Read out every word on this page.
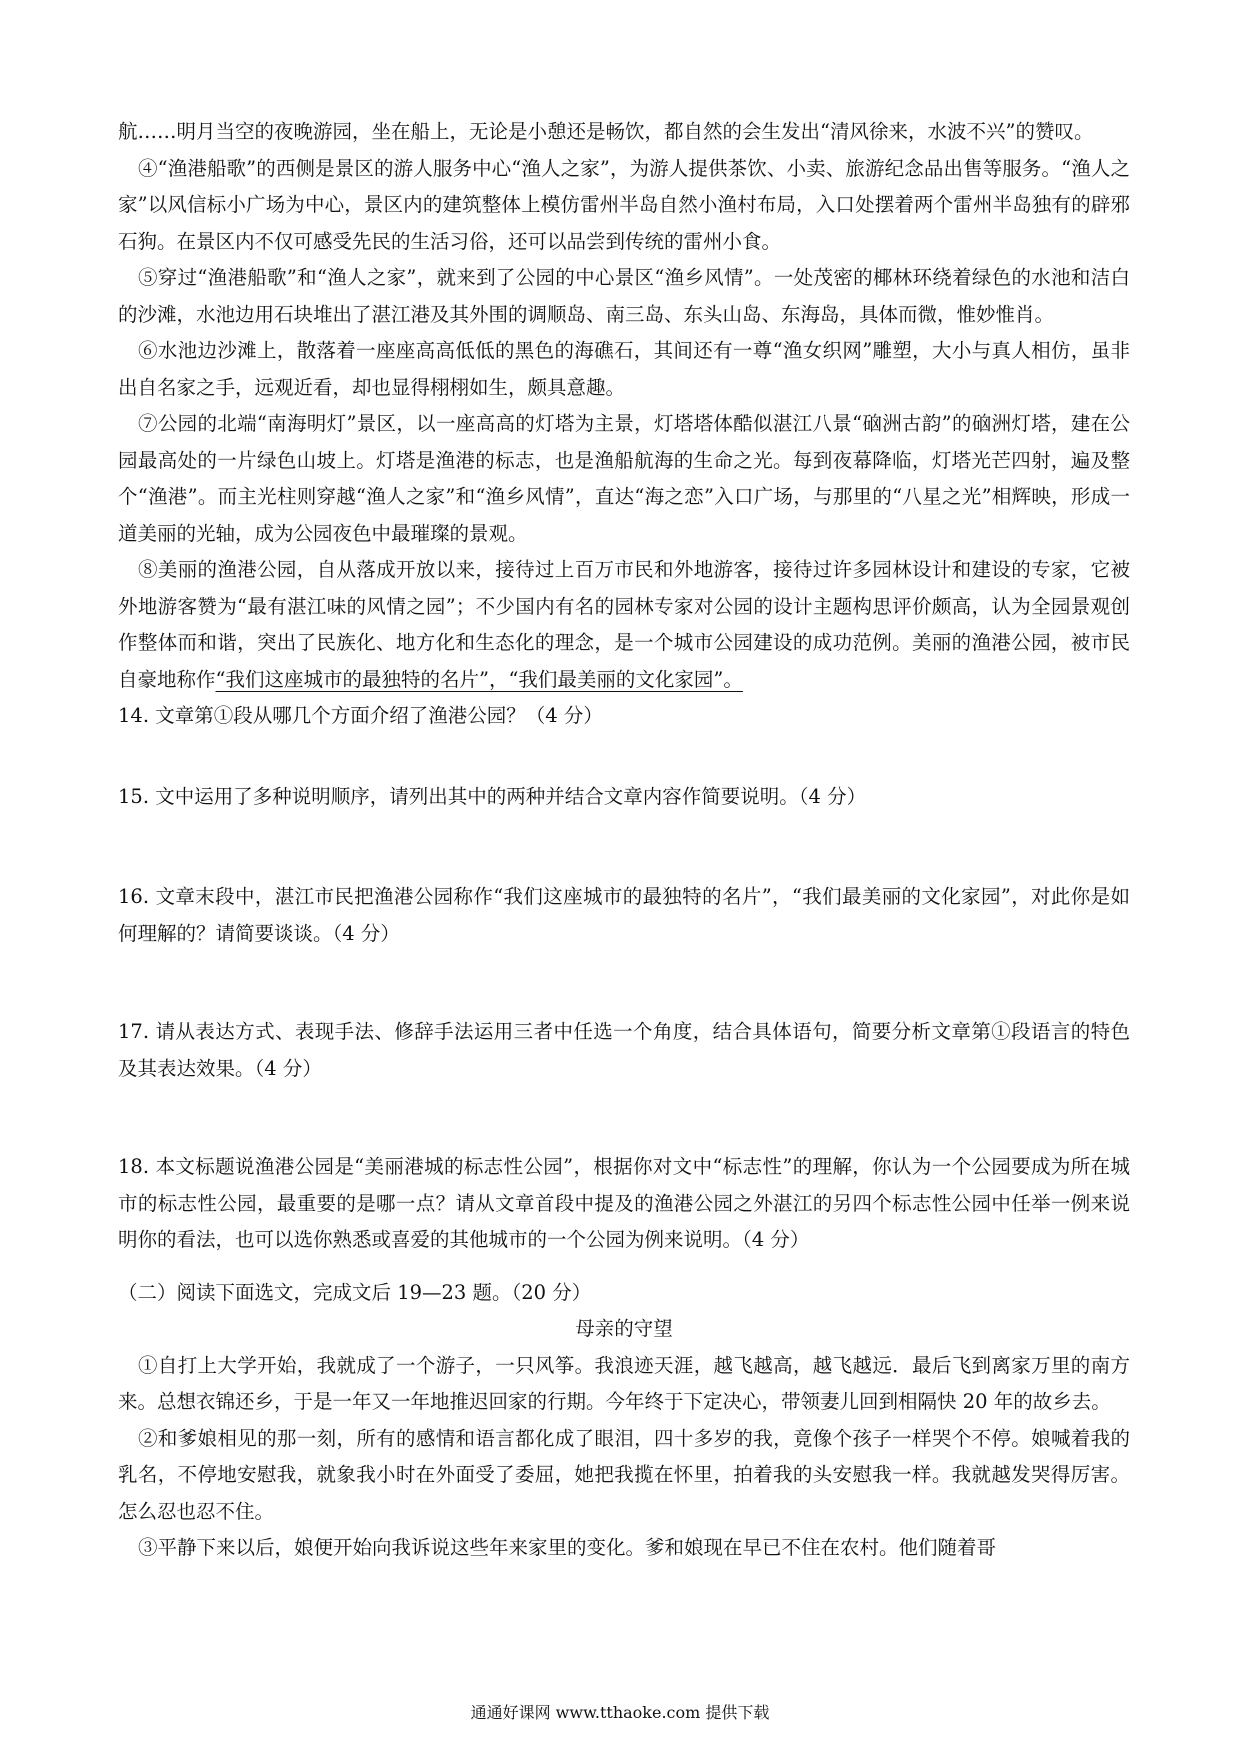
航……明月当空的夜晚游园，坐在船上，无论是小憩还是畅饮，都自然的会生发出“清风徐来，水波不兴”的赞叹。

④“渔港船歌”的西侧是景区的游人服务中心“渔人之家”，为游人提供茶饮、小卖、旅游纪念品出售等服务。“渔人之家”以风信标小广场为中心，景区内的建筑整体上模仿雷州半岛自然小渔村布局，入口处摆着两个雷州半岛独有的辟邪石狗。在景区内不仅可感受先民的生活习俗，还可以品尝到传统的雷州小食。

⑤穿过“渔港船歌”和“渔人之家”，就来到了公园的中心景区“渔乡风情”。一处茂密的椰林环绕着绿色的水池和洁白的沙滩，水池边用石块堆出了湛江港及其外围的调顺岛、南三岛、东头山岛、东海岛，具体而微，惟妙惟肖。

⑥水池边沙滩上，散落着一座座高高低低的黑色的海礁石，其间还有一尊“渔女织网”雕塑，大小与真人相仿，虽非出自名家之手，远观近看，却也显得栩栩如生，颇具意趣。

⑦公园的北端“南海明灯”景区，以一座高高的灯塔为主景，灯塔塔体酷似湛江八景“硇洲古韵”的硇洲灯塔，建在公园最高处的一片绿色山坡上。灯塔是渔港的标志，也是渔船航海的生命之光。每到夜幕降临，灯塔光芒四射，遍及整个“渔港”。而主光柱则穿越“渔人之家”和“渔乡风情”，直达“海之恋”入口广场，与那里的“八星之光”相辉映，形成一道美丽的光轴，成为公园夜色中最璀璨的景观。

⑧美丽的渔港公园，自从落成开放以来，接待过上百万市民和外地游客，接待过许多园林设计和建设的专家，它被外地游客赞为“最有湛江味的风情之园”；不少国内有名的园林专家对公园的设计主题构思评价颇高，认为全园景观创作整体而和谐，突出了民族化、地方化和生态化的理念，是一个城市公园建设的成功范例。美丽的渔港公园，被市民自豪地称作“我们这座城市的最独特的名片”，“我们最美丽的文化家园”。

14. 文章第①段从哪几个方面介绍了渔港公园？（4 分）

15. 文中运用了多种说明顺序，请列出其中的两种并结合文章内容作简要说明。（4 分）

16. 文章末段中，湛江市民把渔港公园称作“我们这座城市的最独特的名片”，“我们最美丽的文化家园”，对此你是如何理解的？请简要谈谈。（4 分）

17. 请从表达方式、表现手法、修辞手法运用三者中任选一个角度，结合具体语句，简要分析文章第①段语言的特色及其表达效果。（4 分）

18. 本文标题说渔港公园是“美丽港城的标志性公园”，根据你对文中“标志性”的理解，你认为一个公园要成为所在城市的标志性公园，最重要的是哪一点？请从文章首段中提及的渔港公园之外湛江的另四个标志性公园中任举一例来说明你的看法，也可以选你熟悉或喜爱的其他城市的一个公园为例来说明。（4 分）

（二）阅读下面选文，完成文后 19—23 题。（20 分）

母亲的守望

①自打上大学开始，我就成了一个游子，一只风筝。我浪迹天涯，越飞越高，越飞越远．最后飞到离家万里的南方来。总想衣锦还乡，于是一年又一年地推迟回家的行期。今年终于下定决心，带领妻儿回到相隔快 20 年的故乡去。

②和爹娘相见的那一刻，所有的感情和语言都化成了眼泪，四十多岁的我，竟像个孩子一样哭个不停。娘喊着我的乳名，不停地安慰我，就象我小时在外面受了委屈，她把我揽在怀里，拍着我的头安慰我一样。我就越发哭得厉害。怎么忍也忍不住。

③平静下来以后，娘便开始向我诉说这些年来家里的变化。爹和娘现在早已不住在农村。他们随着哥

通通好课网 www.tthaoke.com 提供下载
